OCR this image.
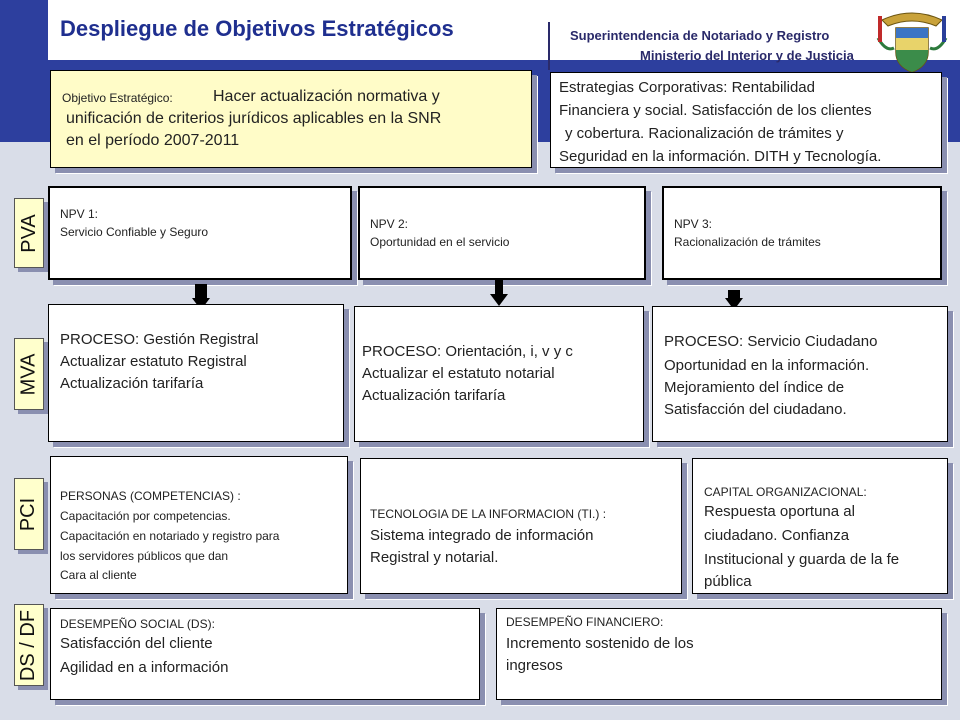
Despliegue de Objetivos Estratégicos	Superintendencia de Notariado y Registro
Ministerio del Interior y de Justicia
Objetivo Estratégico:	Hacer actualización normativa y
unificación de criterios jurídicos aplicables en la SNR
en el período 2007-2011
Estrategias Corporativas: Rentabilidad
Financiera y social. Satisfacción de los clientes
y cobertura. Racionalización de trámites y
Seguridad en la información. DITH y Tecnología.
PVA
MVA
PCI
DS / DF
NPV 1:
Servicio Confiable y Seguro
NPV 2:
Oportunidad en el servicio
NPV 3:
Racionalización de trámites
PROCESO: Gestión Registral
Actualizar estatuto Registral
Actualización tarifaría
PROCESO: Orientación, i, v y c
Actualizar el estatuto notarial
Actualización tarifaría
PROCESO: Servicio Ciudadano
Oportunidad en la información.
Mejoramiento del índice de
Satisfacción del ciudadano.
PERSONAS (COMPETENCIAS) :
Capacitación por competencias.
Capacitación en notariado y registro para
los servidores públicos que dan
Cara al cliente
TECNOLOGIA DE LA INFORMACION (TI.) :
Sistema integrado de información
Registral y notarial.
CAPITAL ORGANIZACIONAL:
Respuesta oportuna al
ciudadano. Confianza
Institucional y guarda de la fe
pública
DESEMPEÑO SOCIAL (DS):
Satisfacción del cliente
Agilidad en a información
DESEMPEÑO FINANCIERO:
Incremento sostenido de los
ingresos
